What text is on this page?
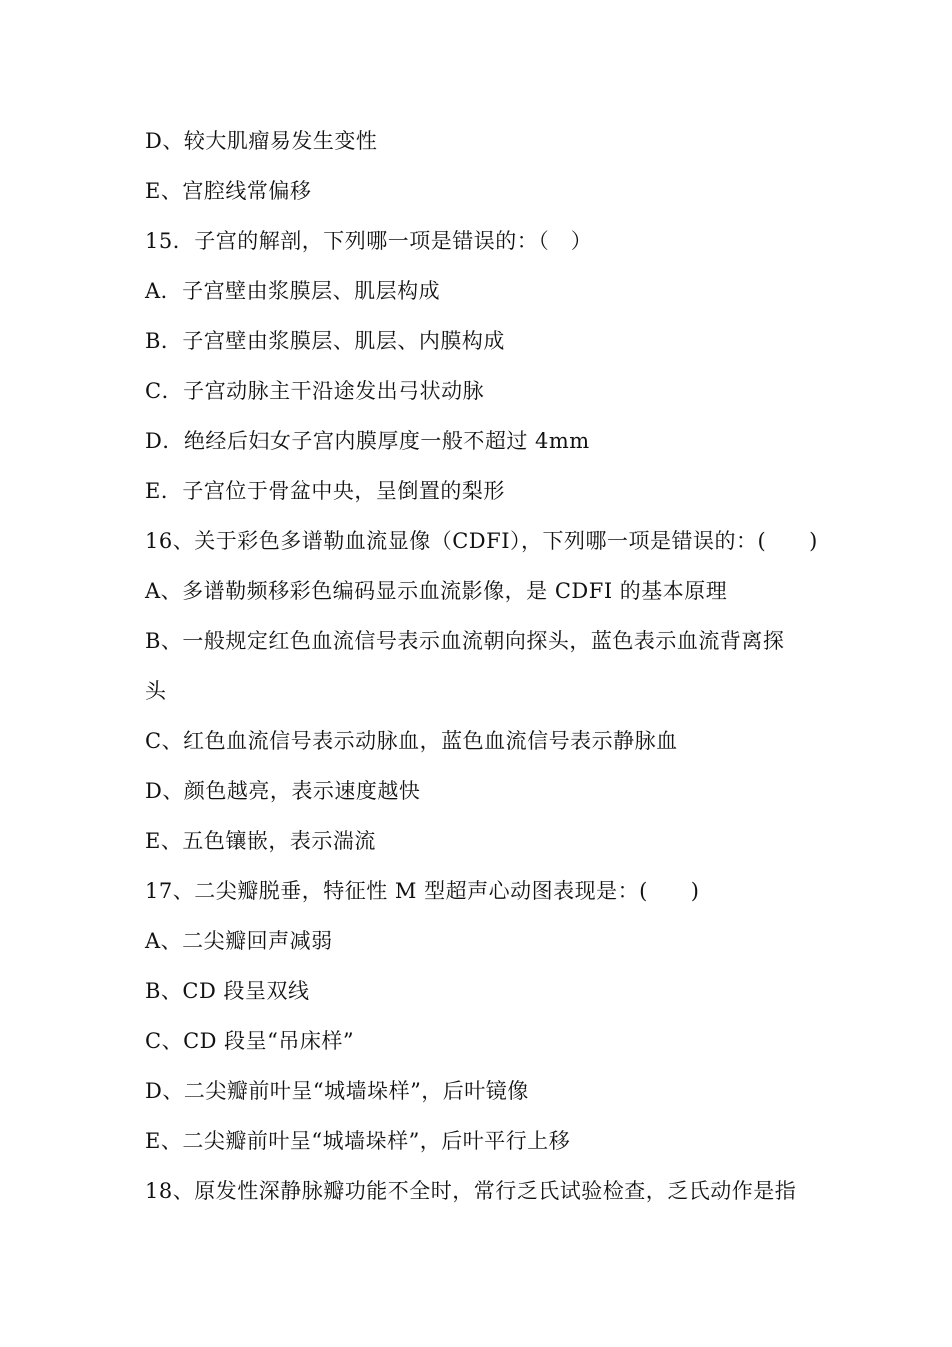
D、较大肌瘤易发生变性
E、宫腔线常偏移
15．子宫的解剖，下列哪一项是错误的：（　）
A．子宫壁由浆膜层、肌层构成
B．子宫壁由浆膜层、肌层、内膜构成
C．子宫动脉主干沿途发出弓状动脉
D．绝经后妇女子宫内膜厚度一般不超过 4mm
E．子宫位于骨盆中央，呈倒置的梨形
16、关于彩色多谱勒血流显像（CDFI），下列哪一项是错误的：(　　)
A、多谱勒频移彩色编码显示血流影像，是 CDFI 的基本原理
B、一般规定红色血流信号表示血流朝向探头，蓝色表示血流背离探
头
C、红色血流信号表示动脉血，蓝色血流信号表示静脉血
D、颜色越亮，表示速度越快
E、五色镶嵌，表示湍流
17、二尖瓣脱垂，特征性 M 型超声心动图表现是：(　　)
A、二尖瓣回声减弱
B、CD 段呈双线
C、CD 段呈“吊床样”
D、二尖瓣前叶呈“城墙垛样”，后叶镜像
E、二尖瓣前叶呈“城墙垛样”，后叶平行上移
18、原发性深静脉瓣功能不全时，常行乏氏试验检查，乏氏动作是指
